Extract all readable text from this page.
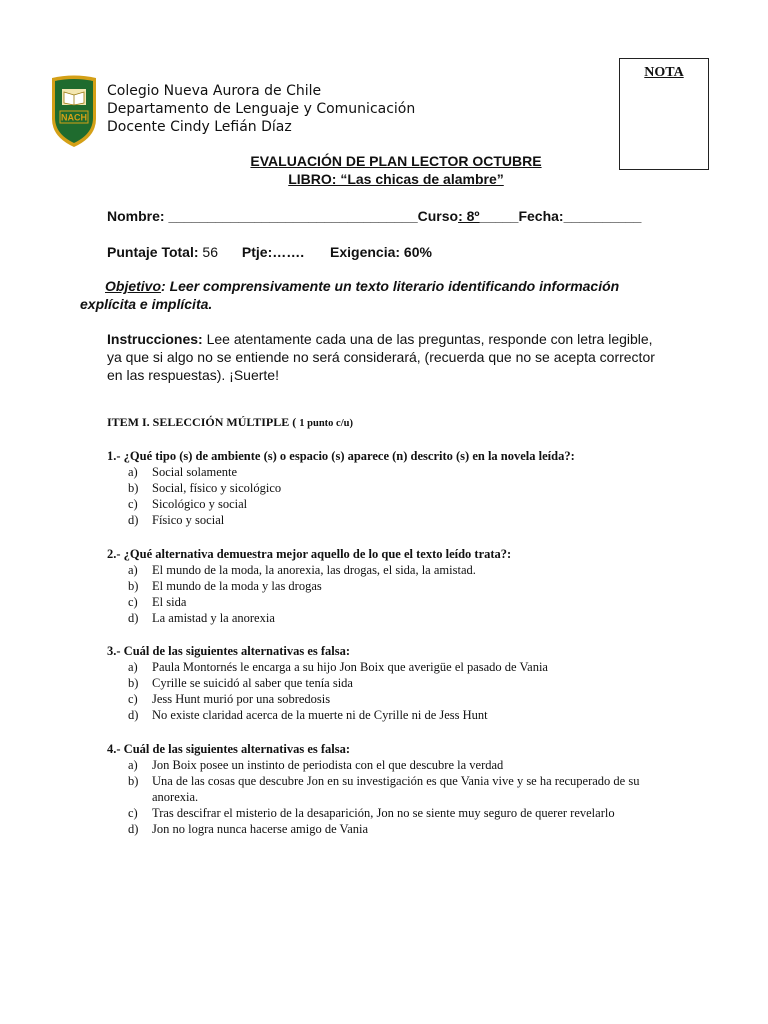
NOTA
NACH
Colegio Nueva Aurora de Chile
Departamento de Lenguaje y Comunicación
Docente Cindy Lefián Díaz
EVALUACIÓN DE PLAN LECTOR OCTUBRE
LIBRO: “Las chicas de alambre”
Nombre: ________________________________Curso: 8º_____Fecha:__________
Puntaje Total: 56 Ptje:……. Exigencia: 60%
Objetivo: Leer comprensivamente un texto literario identificando información
explícita e implícita.
Instrucciones: Lee atentamente cada una de las preguntas, responde con letra legible, ya que si algo no se entiende no será considerará, (recuerda que no se acepta corrector en las respuestas). ¡Suerte!
ITEM I. SELECCIÓN MÚLTIPLE ( 1 punto c/u)
1.- ¿Qué tipo (s) de ambiente (s) o espacio (s) aparece (n) descrito (s) en la novela leída?:
a) Social solamente
b) Social, físico y sicológico
c) Sicológico y social
d) Físico y social
2.- ¿Qué alternativa demuestra mejor aquello de lo que el texto leído trata?:
a) El mundo de la moda, la anorexia, las drogas, el sida, la amistad.
b) El mundo de la moda y las drogas
c) El sida
d) La amistad y la anorexia
3.- Cuál de las siguientes alternativas es falsa:
a) Paula Montornés le encarga a su hijo Jon Boix que averigüe el pasado de Vania
b) Cyrille se suicidó al saber que tenía sida
c) Jess Hunt murió por una sobredosis
d) No existe claridad acerca de la muerte ni de Cyrille ni de Jess Hunt
4.- Cuál de las siguientes alternativas es falsa:
a) Jon Boix posee un instinto de periodista con el que descubre la verdad
b) Una de las cosas que descubre Jon en su investigación es que Vania vive y se ha recuperado de su anorexia.
c) Tras descifrar el misterio de la desaparición, Jon no se siente muy seguro de querer revelarlo
d) Jon no logra nunca hacerse amigo de Vania
